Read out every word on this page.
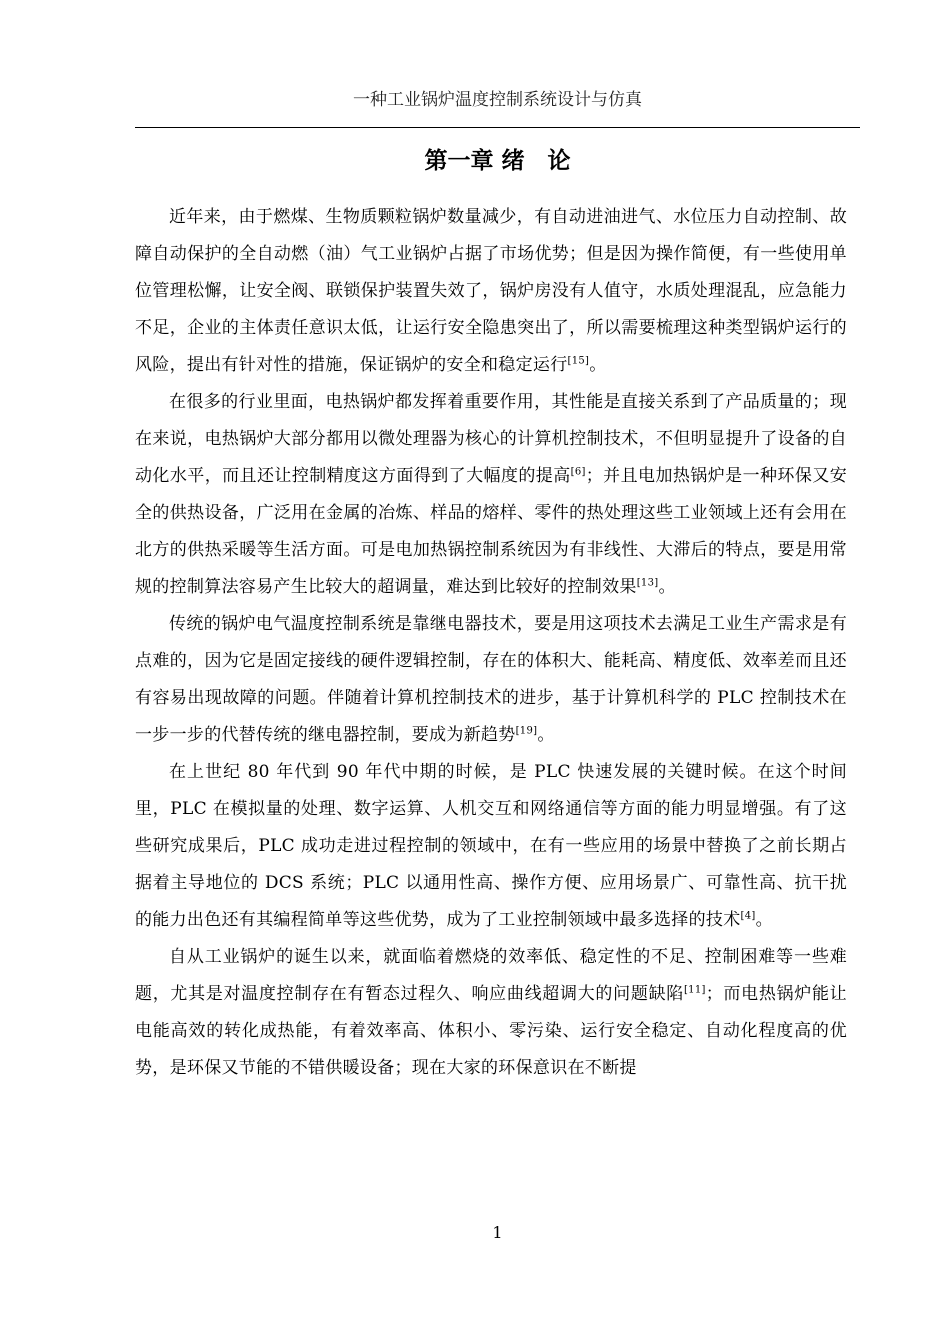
一种工业锅炉温度控制系统设计与仿真
第一章 绪　论

近年来，由于燃煤、生物质颗粒锅炉数量减少，有自动进油进气、水位压力自动控制、故障自动保护的全自动燃（油）气工业锅炉占据了市场优势；但是因为操作简便，有一些使用单位管理松懈，让安全阀、联锁保护装置失效了，锅炉房没有人值守，水质处理混乱，应急能力不足，企业的主体责任意识太低，让运行安全隐患突出了，所以需要梳理这种类型锅炉运行的风险，提出有针对性的措施，保证锅炉的安全和稳定运行[15]。

在很多的行业里面，电热锅炉都发挥着重要作用，其性能是直接关系到了产品质量的；现在来说，电热锅炉大部分都用以微处理器为核心的计算机控制技术，不但明显提升了设备的自动化水平，而且还让控制精度这方面得到了大幅度的提高[6]；并且电加热锅炉是一种环保又安全的供热设备，广泛用在金属的冶炼、样品的熔样、零件的热处理这些工业领域上还有会用在北方的供热采暖等生活方面。可是电加热锅控制系统因为有非线性、大滞后的特点，要是用常规的控制算法容易产生比较大的超调量，难达到比较好的控制效果[13]。

传统的锅炉电气温度控制系统是靠继电器技术，要是用这项技术去满足工业生产需求是有点难的，因为它是固定接线的硬件逻辑控制，存在的体积大、能耗高、精度低、效率差而且还有容易出现故障的问题。伴随着计算机控制技术的进步，基于计算机科学的 PLC 控制技术在一步一步的代替传统的继电器控制，要成为新趋势[19]。

在上世纪 80 年代到 90 年代中期的时候，是 PLC 快速发展的关键时候。在这个时间里，PLC 在模拟量的处理、数字运算、人机交互和网络通信等方面的能力明显增强。有了这些研究成果后，PLC 成功走进过程控制的领域中，在有一些应用的场景中替换了之前长期占据着主导地位的 DCS 系统；PLC 以通用性高、操作方便、应用场景广、可靠性高、抗干扰的能力出色还有其编程简单等这些优势，成为了工业控制领域中最多选择的技术[4]。

自从工业锅炉的诞生以来，就面临着燃烧的效率低、稳定性的不足、控制困难等一些难题，尤其是对温度控制存在有暂态过程久、响应曲线超调大的问题缺陷[11]；而电热锅炉能让电能高效的转化成热能，有着效率高、体积小、零污染、运行安全稳定、自动化程度高的优势，是环保又节能的不错供暖设备；现在大家的环保意识在不断提

1
